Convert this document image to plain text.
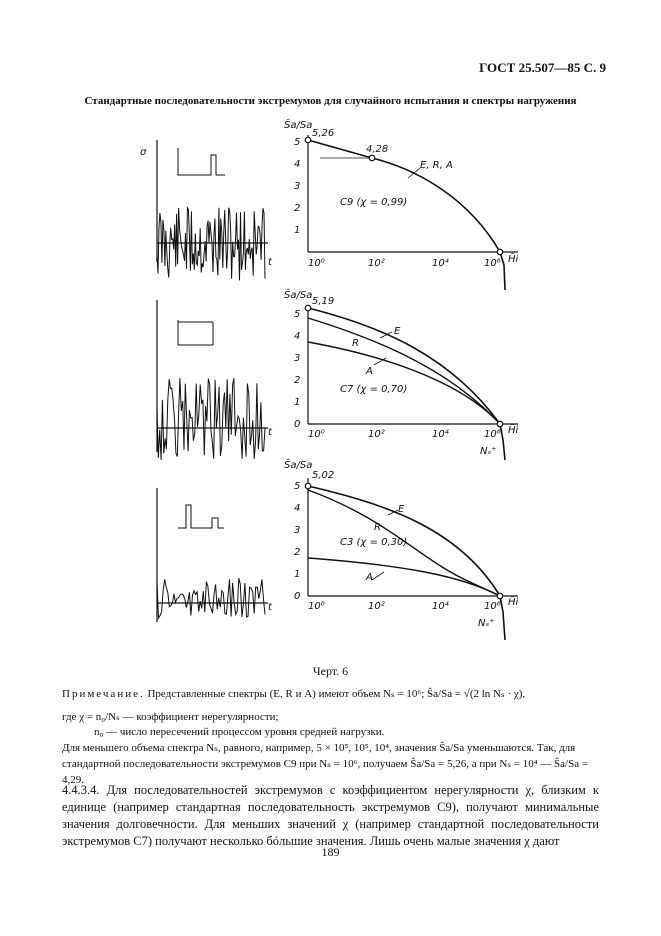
ГОСТ 25.507—85 С. 9
Стандартные последовательности экстремумов для случайного испытания и спектры нагружения
σ
t
t
t
Ŝa/Sa
5,26
4,28
E, R, A
C9 (χ = 0,99)
H̃i
1
2
3
4
5
10⁰	10²	10⁴	10⁶
Ŝa/Sa
5,19
E
R
A
C7 (χ = 0,70)
H̃i
Nₛ⁺
0
1
2
3
4
5
10⁰	10²	10⁴	10⁶
Ŝa/Sa
5,02
E
R
A
C3 (χ = 0,30)
H̃i
Nₛ⁺
0
1
2
3
4
5
10⁰	10²	10⁴	10⁶
Черт. 6
Примечание. Представленные спектры (E, R и A) имеют объем Nₛ = 10⁶; Ŝa/Sa = √(2 ln Nₛ · χ),
где χ = n₀/Nₛ — коэффициент нерегулярности;
n₀ — число пересечений процессом уровня средней нагрузки.
Для меньшего объема спектра Nₛ, равного, например, 5 × 10⁵, 10⁵, 10⁴, значения Ŝa/Sa уменьшаются. Так, для стандартной последовательности экстремумов С9 при Nₛ = 10⁶, получаем Ŝa/Sa = 5,26, а при Nₛ = 10⁴ — Ŝa/Sa = 4,29.
4.4.3.4. Для последовательностей экстремумов с коэффициентом нерегулярности χ, близким к единице (например стандартная последовательность экстремумов С9), получают минимальные значения долговечности. Для меньших значений χ (например стандартной последовательности экстремумов С7) получают несколько бóльшие значения. Лишь очень малые значения χ дают
189
